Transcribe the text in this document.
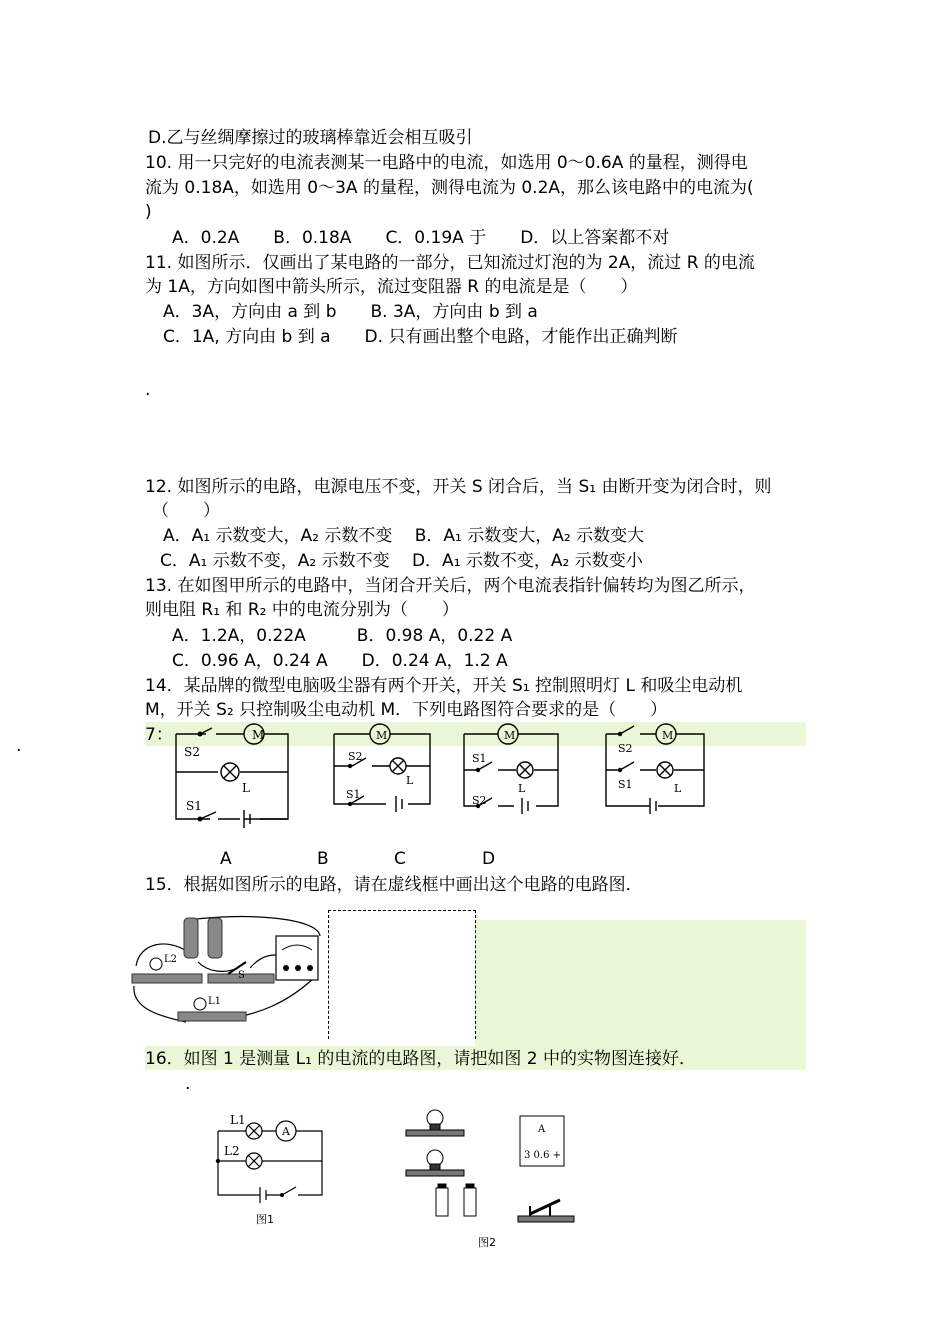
D.乙与丝绸摩擦过的玻璃棒靠近会相互吸引
10. 用一只完好的电流表测某一电路中的电流，如选用 0～0.6A 的量程，测得电
流为 0.18A，如选用 0～3A 的量程，测得电流为 0.2A，那么该电路中的电流为(
)
A．0.2A　　B．0.18A　　C．0.19A 于　　D．以上答案都不对
11. 如图所示．仅画出了某电路的一部分，已知流过灯泡的为 2A，流过 R 的电流
为 1A，方向如图中箭头所示，流过变阻器 R 的电流是是（　　）
A．3A，方向由 a 到 b　　B. 3A，方向由 b 到 a
C．1A, 方向由 b 到 a　　D. 只有画出整个电路，才能作出正确判断
.
12. 如图所示的电路，电源电压不变，开关 S 闭合后，当 S₁ 由断开变为闭合时，则
（　　）
A．A₁ 示数变大，A₂ 示数不变　 B．A₁ 示数变大，A₂ 示数变大
C．A₁ 示数不变，A₂ 示数不变　 D．A₁ 示数不变，A₂ 示数变小
13. 在如图甲所示的电路中，当闭合开关后，两个电流表指针偏转均为图乙所示，
则电阻 R₁ 和 R₂ 中的电流分别为（　　）
A．1.2A，0.22A　　　B．0.98 A，0.22 A
C．0.96 A，0.24 A　　D．0.24 A，1.2 A
14．某品牌的微型电脑吸尘器有两个开关，开关 S₁ 控制照明灯 L 和吸尘电动机
M，开关 S₂ 只控制吸尘电动机 M．下列电路图符合要求的是（　　）
7：
.
M
S2
L
S1
M
S2
L
S1
M
S1
L
S2
M
S2
S1	L
A	B	C	D
15．根据如图所示的电路，请在虚线框中画出这个电路的电路图．
L2
L1
S
16．如图 1 是测量 L₁ 的电流的电路图，请把如图 2 中的实物图连接好．
.
L1
L2
A
图1
A
3 0.6 +
图2
